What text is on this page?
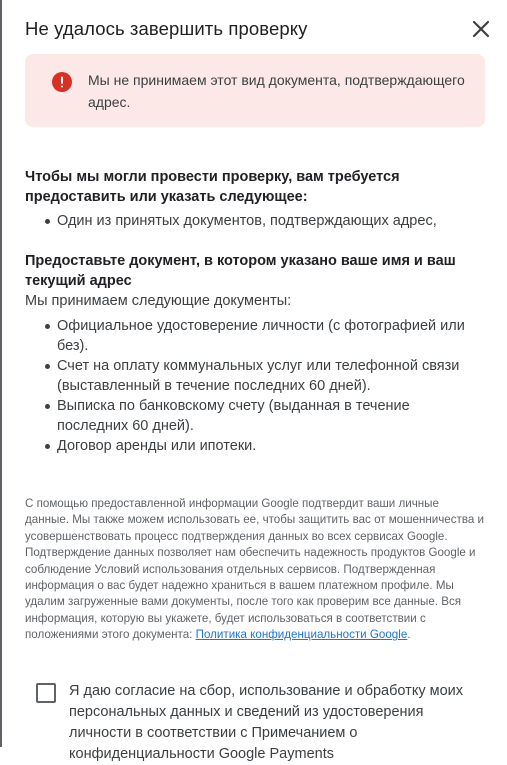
Не удалось завершить проверку
Мы не принимаем этот вид документа, подтверждающего адрес.
Чтобы мы могли провести проверку, вам требуется предоставить или указать следующее:
Один из принятых документов, подтверждающих адрес,
Предоставьте документ, в котором указано ваше имя и ваш текущий адрес
Мы принимаем следующие документы:
Официальное удостоверение личности (с фотографией или без).
Счет на оплату коммунальных услуг или телефонной связи (выставленный в течение последних 60 дней).
Выписка по банковскому счету (выданная в течение последних 60 дней).
Договор аренды или ипотеки.
С помощью предоставленной информации Google подтвердит ваши личные данные. Мы также можем использовать ее, чтобы защитить вас от мошенничества и усовершенствовать процесс подтверждения данных во всех сервисах Google. Подтверждение данных позволяет нам обеспечить надежность продуктов Google и соблюдение Условий использования отдельных сервисов. Подтвержденная информация о вас будет надежно храниться в вашем платежном профиле. Мы удалим загруженные вами документы, после того как проверим все данные. Вся информация, которую вы укажете, будет использоваться в соответствии с положениями этого документа: Политика конфиденциальности Google.
Я даю согласие на сбор, использование и обработку моих персональных данных и сведений из удостоверения личности в соответствии с Примечанием о конфиденциальности Google Payments
